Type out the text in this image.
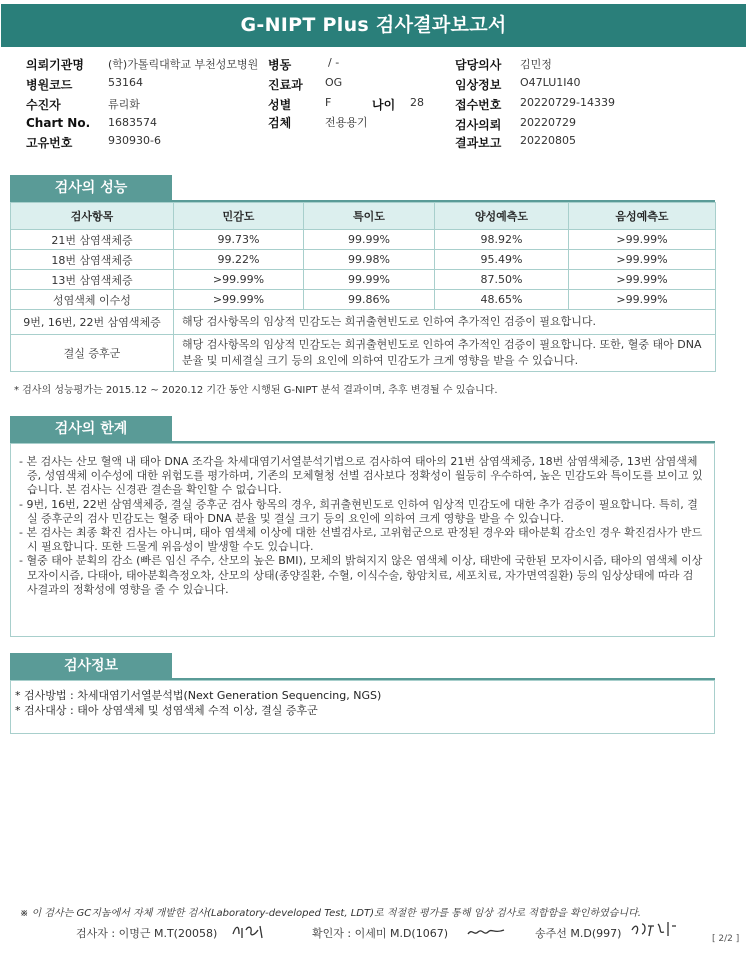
G-NIPT Plus 검사결과보고서
의뢰기관명 (학)가톨릭대학교 부천성모병원 병동	/ -	담당의사 김민정
병원코드	53164	진료과 OG	임상정보 O47LU1I40
수진자	류리화	성별	F	나이 28	접수번호 20220729-14339
Chart No. 1683574	검체	전용용기	검사의뢰 20220729
고유번호	930930-6	결과보고 20220805
검사의 성능
검사항목	민감도	특이도	양성예측도	음성예측도
21번 삼염색체증	99.73%	99.99%	98.92%	>99.99%
18번 삼염색체증	99.22%	99.98%	95.49%	>99.99%
13번 삼염색체증	>99.99%	99.99%	87.50%	>99.99%
성염색체 이수성	>99.99%	99.86%	48.65%	>99.99%
9번, 16번, 22번 삼염색체증	해당 검사항목의 임상적 민감도는 희귀출현빈도로 인하여 추가적인 검증이 필요합니다.			
결실 증후군	해당 검사항목의 임상적 민감도는 희귀출현빈도로 인하여 추가적인 검증이 필요합니다. 또한, 혈중 태아 DNA 분율 및 미세결실 크기 등의 요인에 의하여 민감도가 크게 영향을 받을 수 있습니다.			
* 검사의 성능평가는 2015.12 ~ 2020.12 기간 동안 시행된 G-NIPT 분석 결과이며, 추후 변경될 수 있습니다.
검사의 한계

- 본 검사는 산모 혈액 내 태아 DNA 조각을 차세대염기서열분석기법으로 검사하여 태아의 21번 삼염색체증, 18번 삼염색체증, 13번 삼염색체증, 성염색체 이수성에 대한 위험도를 평가하며, 기존의 모체혈청 선별 검사보다 정확성이 월등히 우수하여, 높은 민감도와 특이도를 보이고 있습니다. 본 검사는 신경관 결손을 확인할 수 없습니다.

- 9번, 16번, 22번 삼염색체증, 결실 증후군 검사 항목의 경우, 희귀출현빈도로 인하여 임상적 민감도에 대한 추가 검증이 필요합니다. 특히, 결실 증후군의 검사 민감도는 혈중 태아 DNA 분율 및 결실 크기 등의 요인에 의하여 크게 영향을 받을 수 있습니다.

- 본 검사는 최종 확진 검사는 아니며, 태아 염색체 이상에 대한 선별검사로, 고위험군으로 판정된 경우와 태아분획 감소인 경우 확진검사가 반드시 필요합니다. 또한 드물게 위음성이 발생할 수도 있습니다.

- 혈중 태아 분획의 감소 (빠른 임신 주수, 산모의 높은 BMI), 모체의 밝혀지지 않은 염색체 이상, 태반에 국한된 모자이시즘, 태아의 염색체 이상 모자이시즘, 다태아, 태아분획측정오차, 산모의 상태(종양질환, 수혈, 이식수술, 항암치료, 세포치료, 자가면역질환) 등의 임상상태에 따라 검사결과의 정확성에 영향을 줄 수 있습니다.

검사정보

* 검사방법 : 차세대염기서열분석법(Next Generation Sequencing, NGS)

* 검사대상 : 태아 상염색체 및 성염색체 수적 이상, 결실 증후군

※ 이 검사는 GC지놈에서 자체 개발한 검사(Laboratory-developed Test, LDT)로 적절한 평가를 통해 임상 검사로 적합함을 확인하였습니다.
검사자 : 이명근 M.T(20058)	확인자 : 이세미 M.D(1067)	송주선 M.D(997)	[ 2/2 ]
